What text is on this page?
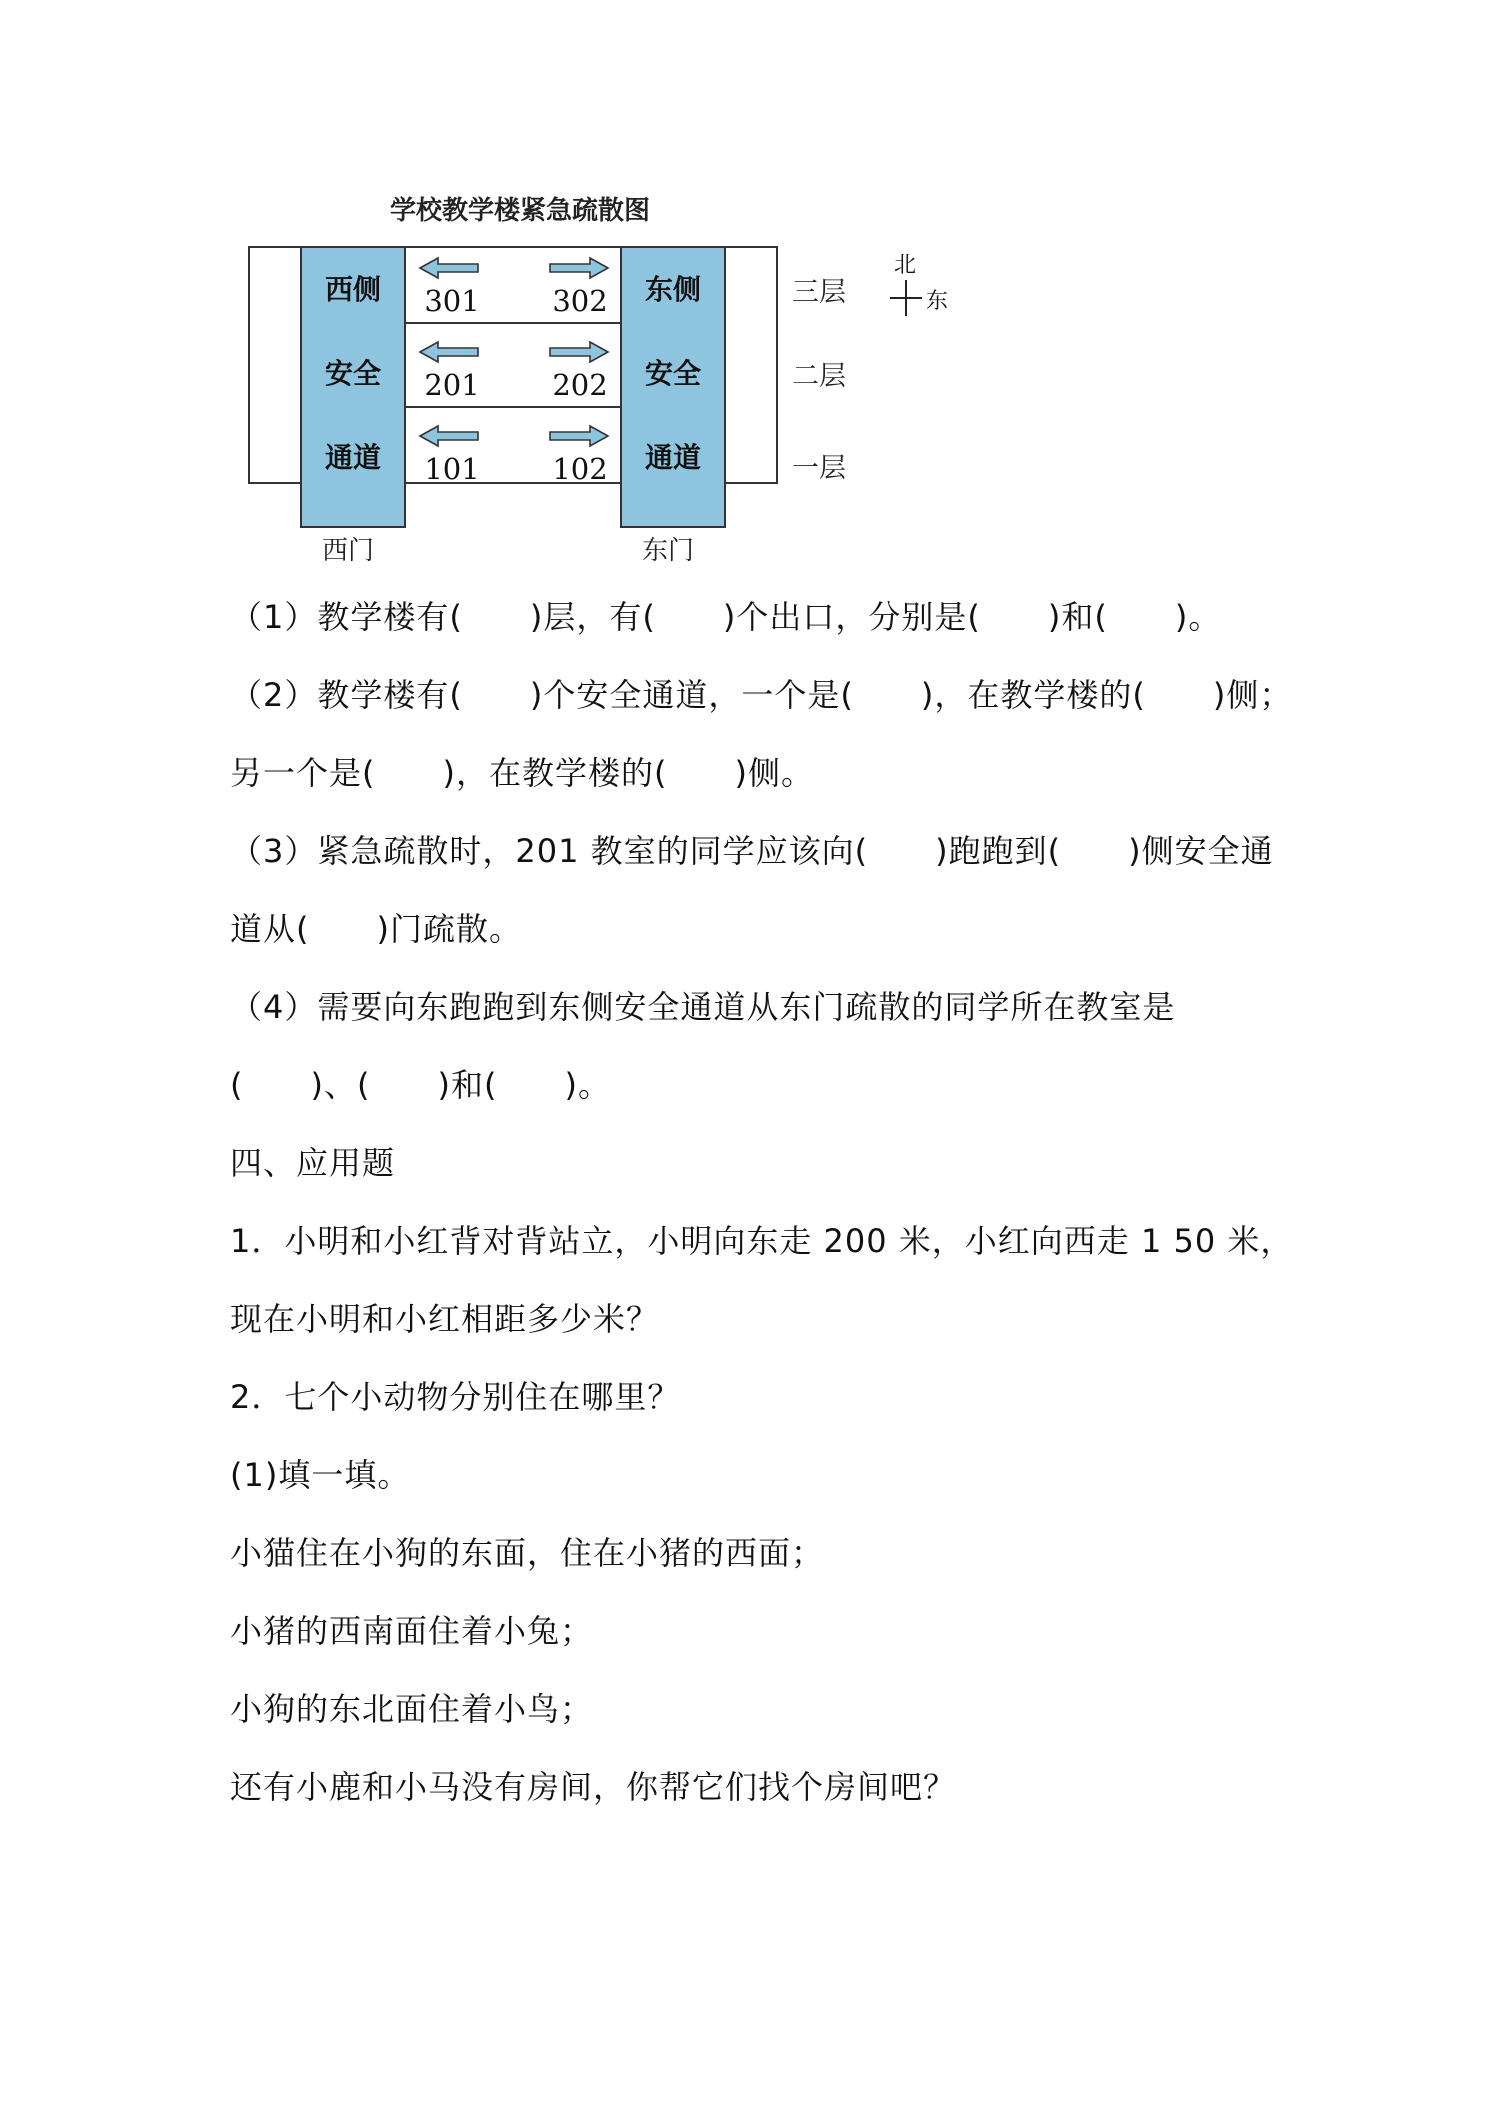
学校教学楼紧急疏散图
西侧
安全
通道
东侧
安全
通道
301	302
201	202
101	102
三层
二层
一层
西门	东门
北
东
（1）教学楼有(      )层，有(      )个出口，分别是(      )和(      )。
（2）教学楼有(      )个安全通道，一个是(      )，在教学楼的(      )侧；
另一个是(      )，在教学楼的(      )侧。
（3）紧急疏散时，201 教室的同学应该向(      )跑跑到(      )侧安全通
道从(      )门疏散。
（4）需要向东跑跑到东侧安全通道从东门疏散的同学所在教室是
(      )、(      )和(      )。
四、应用题
1．小明和小红背对背站立，小明向东走 200 米，小红向西走 1 50 米，
现在小明和小红相距多少米？
2．七个小动物分别住在哪里？
(1)填一填。
小猫住在小狗的东面，住在小猪的西面；
小猪的西南面住着小兔；
小狗的东北面住着小鸟；
还有小鹿和小马没有房间，你帮它们找个房间吧？
